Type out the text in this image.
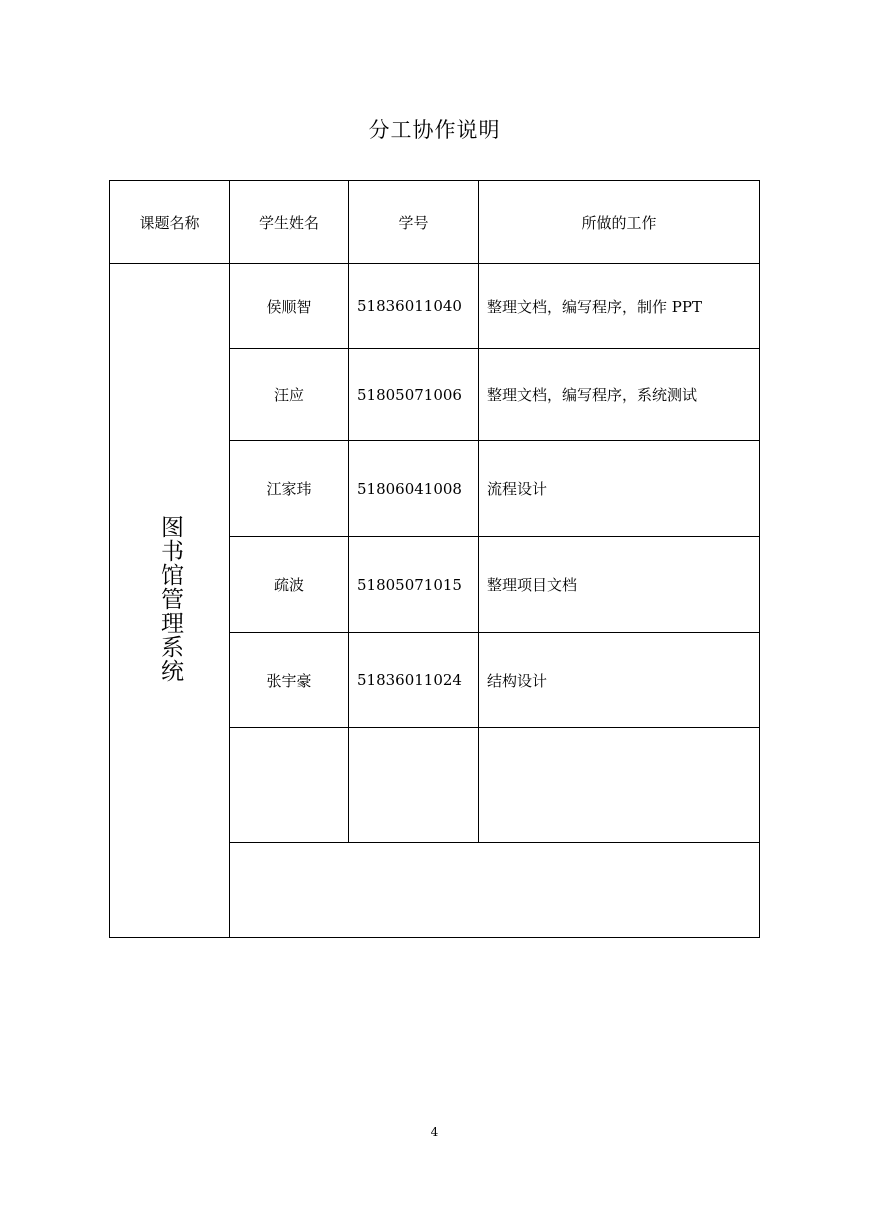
分工协作说明
课题名称	学生姓名	学号	所做的工作
图书馆管理系统	侯顺智	51836011040	整理文档，编写程序，制作 PPT
	汪应	51805071006	整理文档，编写程序，系统测试
	江家玮	51806041008	流程设计
	疏波	51805071015	整理项目文档
	张宇豪	51836011024	结构设计

4
